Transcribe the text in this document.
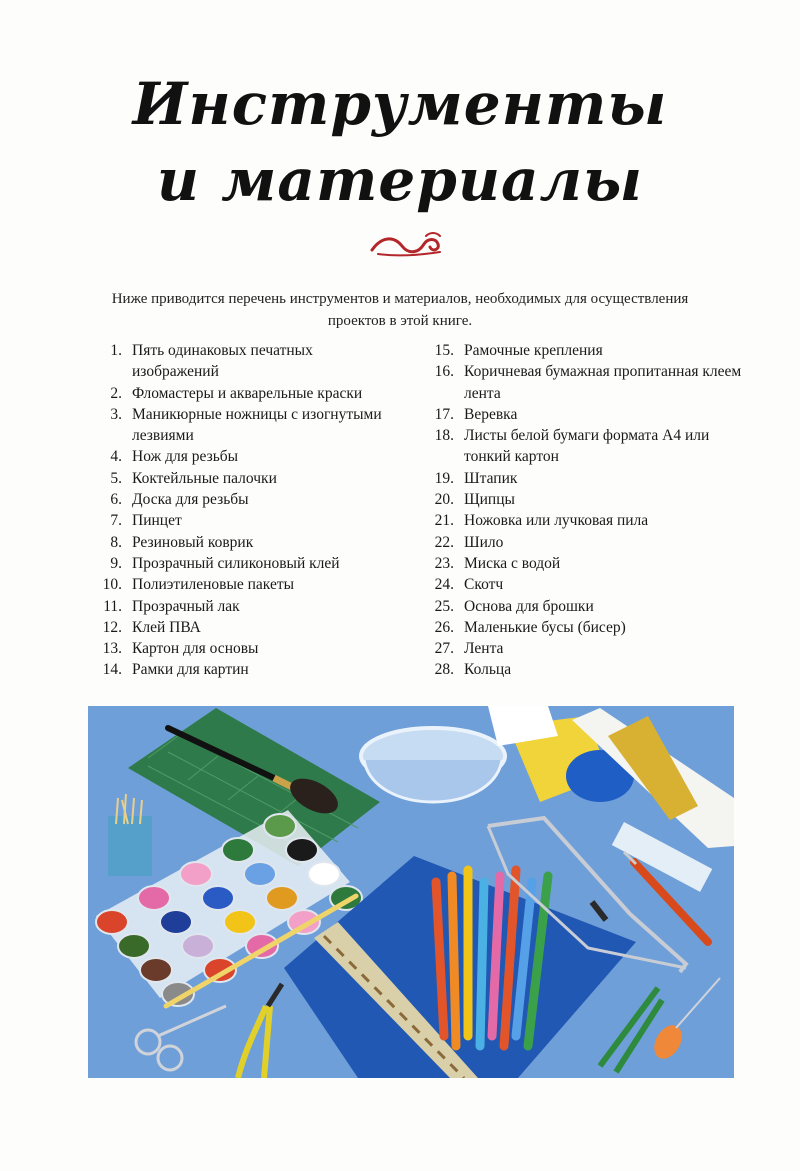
Инструменты
и материалы
Ниже приводится перечень инструментов и материалов, необходимых для осуществления проектов в этой книге.
1. Пять одинаковых печатных изображений
2. Фломастеры и акварельные краски
3. Маникюрные ножницы с изогнутыми лезвиями
4. Нож для резьбы
5. Коктейльные палочки
6. Доска для резьбы
7. Пинцет
8. Резиновый коврик
9. Прозрачный силиконовый клей
10. Полиэтиленовые пакеты
11. Прозрачный лак
12. Клей ПВА
13. Картон для основы
14. Рамки для картин
15. Рамочные крепления
16. Коричневая бумажная пропитанная клеем лента
17. Веревка
18. Листы белой бумаги формата А4 или тонкий картон
19. Штапик
20. Щипцы
21. Ножовка или лучковая пила
22. Шило
23. Миска с водой
24. Скотч
25. Основа для брошки
26. Маленькие бусы (бисер)
27. Лента
28. Кольца
